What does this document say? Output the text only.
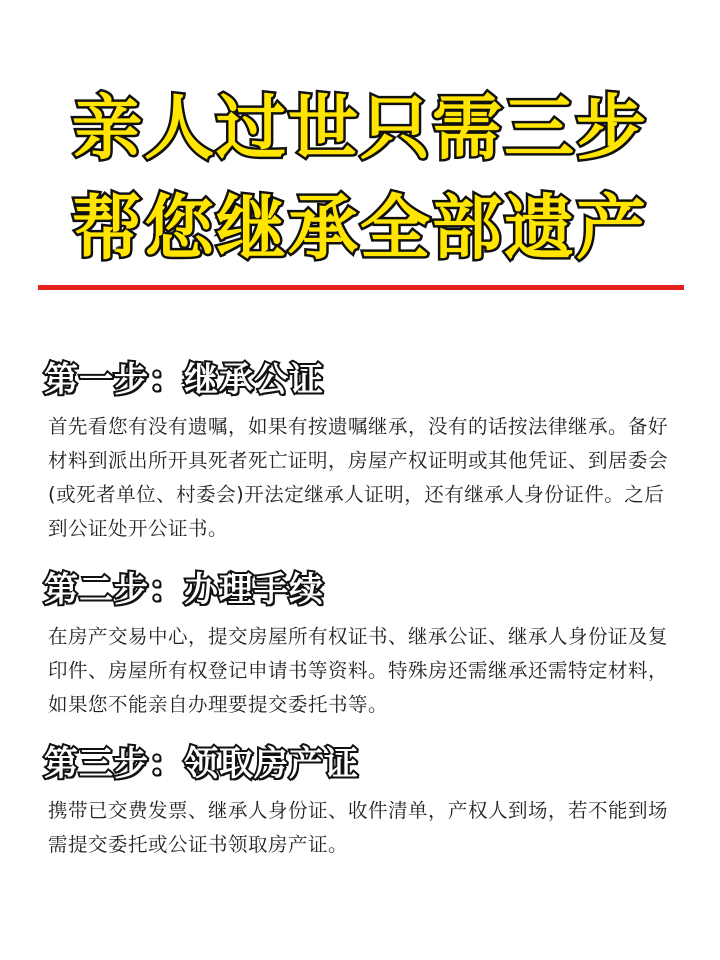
亲人过世只需三步
帮您继承全部遗产
第一步：继承公证
首先看您有没有遗嘱，如果有按遗嘱继承，没有的话按法律继承。备好材料到派出所开具死者死亡证明，房屋产权证明或其他凭证、到居委会(或死者单位、村委会)开法定继承人证明，还有继承人身份证件。之后到公证处开公证书。
第二步：办理手续
在房产交易中心，提交房屋所有权证书、继承公证、继承人身份证及复印件、房屋所有权登记申请书等资料。特殊房还需继承还需特定材料，如果您不能亲自办理要提交委托书等。
第三步：领取房产证
携带已交费发票、继承人身份证、收件清单，产权人到场，若不能到场需提交委托或公证书领取房产证。
